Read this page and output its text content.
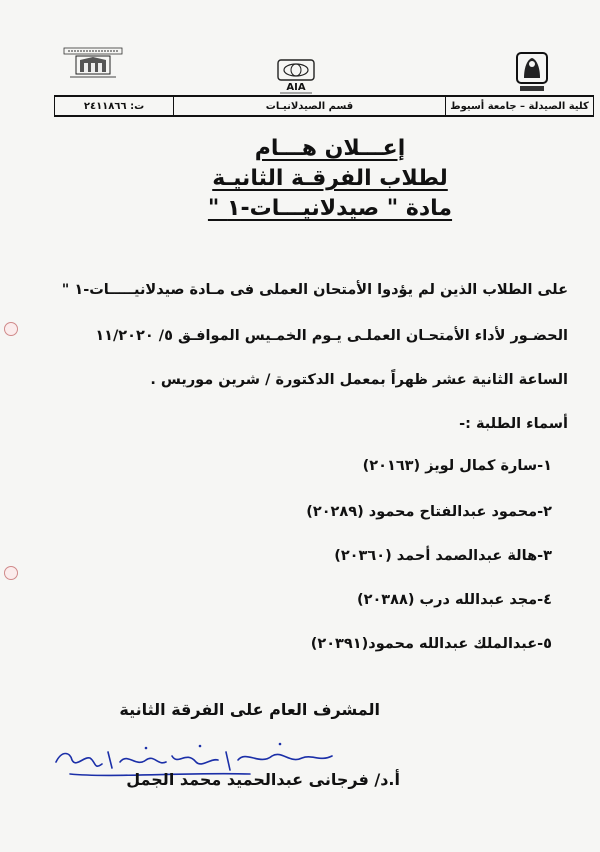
AIA
كلية الصيدلة – جامعة أسيوط
قسم الصيدلانيـات
ت: ٢٤١١٨٦٦
إعـــلان هـــام
لطلاب الفرقـة الثانيـة
مادة " صيدلانيـــات-١ "
على الطلاب الذين لم يؤدوا الأمتحان العملى فى مـادة صيدلانيـــــات-١ "
الحضـور لأداء الأمتحـان العملـى يـوم الخمـيس الموافـق ٥/ ١١/٢٠٢٠
الساعة الثانية عشر ظهراً بمعمل الدكتورة / شرين موريس .
أسماء الطلبة :-
١-سارة كمال لويز (٢٠١٦٣)
٢-محمود عبدالفتاح محمود (٢٠٢٨٩)
٣-هالة عبدالصمد أحمد (٢٠٣٦٠)
٤-مجد عبدالله درب (٢٠٣٨٨)
٥-عبدالملك عبدالله محمود(٢٠٣٩١)
المشرف العام على الفرقة الثانية
أ.د/ فرجانى عبدالحميد محمد الجمل
